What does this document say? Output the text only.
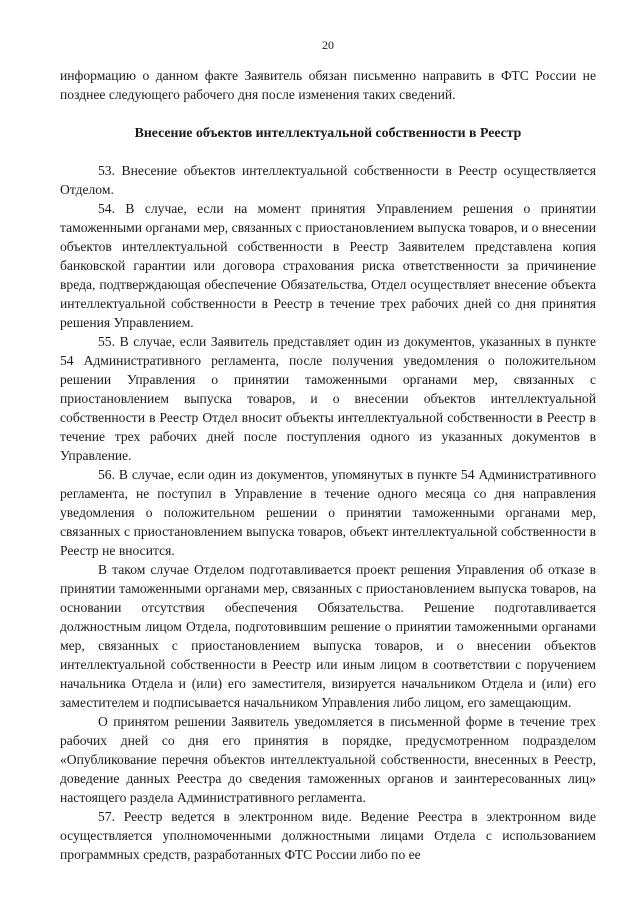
20

информацию о данном факте Заявитель обязан письменно направить в ФТС России не позднее следующего рабочего дня после изменения таких сведений.

Внесение объектов интеллектуальной собственности в Реестр

53. Внесение объектов интеллектуальной собственности в Реестр осуществляется Отделом.

54. В случае, если на момент принятия Управлением решения о принятии таможенными органами мер, связанных с приостановлением выпуска товаров, и о внесении объектов интеллектуальной собственности в Реестр Заявителем представлена копия банковской гарантии или договора страхования риска ответственности за причинение вреда, подтверждающая обеспечение Обязательства, Отдел осуществляет внесение объекта интеллектуальной собственности в Реестр в течение трех рабочих дней со дня принятия решения Управлением.

55. В случае, если Заявитель представляет один из документов, указанных в пункте 54 Административного регламента, после получения уведомления о положительном решении Управления о принятии таможенными органами мер, связанных с приостановлением выпуска товаров, и о внесении объектов интеллектуальной собственности в Реестр Отдел вносит объекты интеллектуальной собственности в Реестр в течение трех рабочих дней после поступления одного из указанных документов в Управление.

56. В случае, если один из документов, упомянутых в пункте 54 Административного регламента, не поступил в Управление в течение одного месяца со дня направления уведомления о положительном решении о принятии таможенными органами мер, связанных с приостановлением выпуска товаров, объект интеллектуальной собственности в Реестр не вносится.

В таком случае Отделом подготавливается проект решения Управления об отказе в принятии таможенными органами мер, связанных с приостановлением выпуска товаров, на основании отсутствия обеспечения Обязательства. Решение подготавливается должностным лицом Отдела, подготовившим решение о принятии таможенными органами мер, связанных с приостановлением выпуска товаров, и о внесении объектов интеллектуальной собственности в Реестр или иным лицом в соответствии с поручением начальника Отдела и (или) его заместителя, визируется начальником Отдела и (или) его заместителем и подписывается начальником Управления либо лицом, его замещающим.

О принятом решении Заявитель уведомляется в письменной форме в течение трех рабочих дней со дня его принятия в порядке, предусмотренном подразделом «Опубликование перечня объектов интеллектуальной собственности, внесенных в Реестр, доведение данных Реестра до сведения таможенных органов и заинтересованных лиц» настоящего раздела Административного регламента.

57. Реестр ведется в электронном виде. Ведение Реестра в электронном виде осуществляется уполномоченными должностными лицами Отдела с использованием программных средств, разработанных ФТС России либо по ее
